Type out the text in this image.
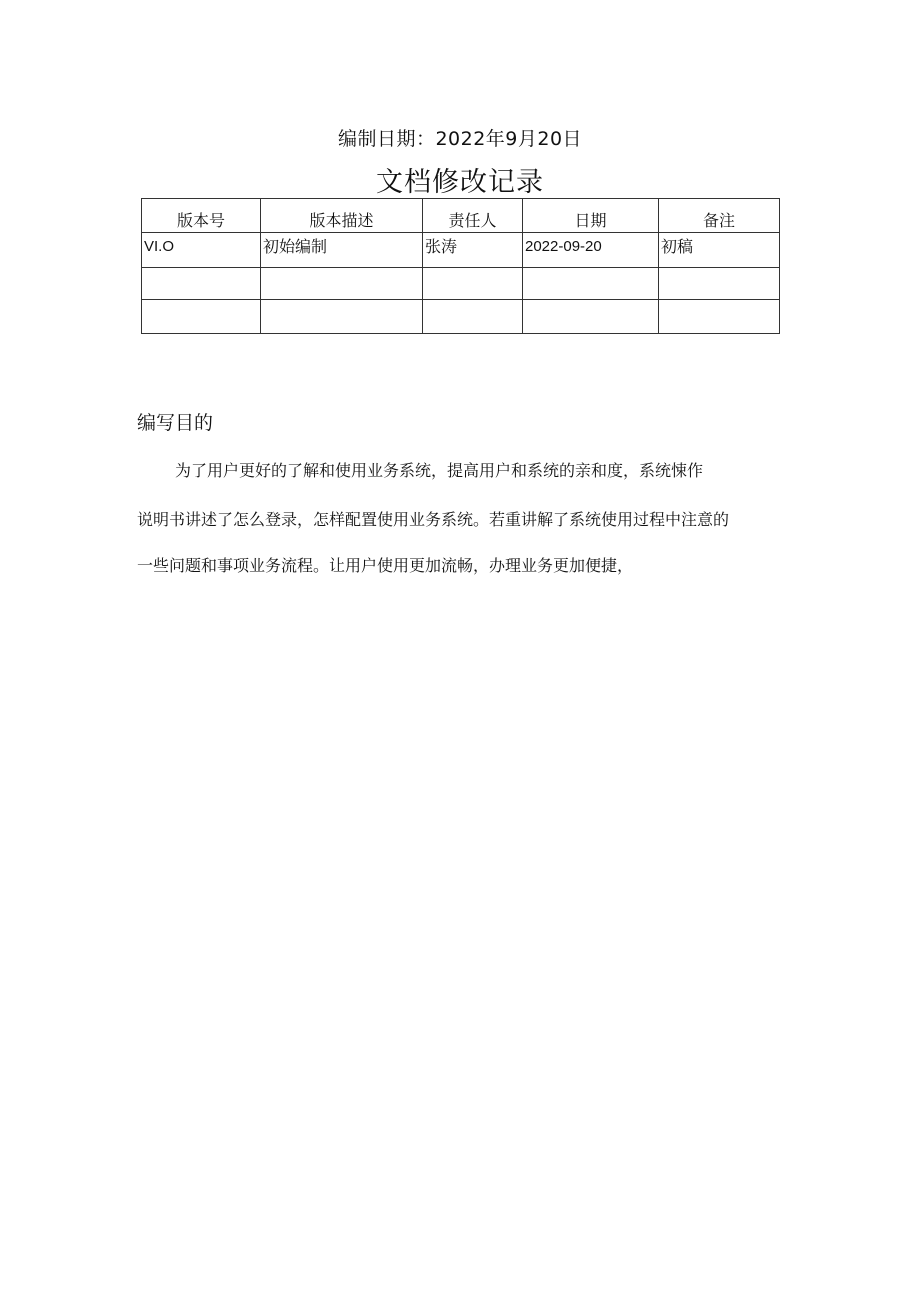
编制日期：2022年9月20日
文档修改记录
版本号	版本描述	责任人	日期	备注
VI.O	初始编制	张涛	2022-09-20	初稿

编写目的
为了用户更好的了解和使用业务系统，提高用户和系统的亲和度，系统悚作
说明书讲述了怎么登录，怎样配置使用业务系统。若重讲解了系统使用过程中注意的
一些问题和事项业务流程。让用户使用更加流畅，办理业务更加便捷，
